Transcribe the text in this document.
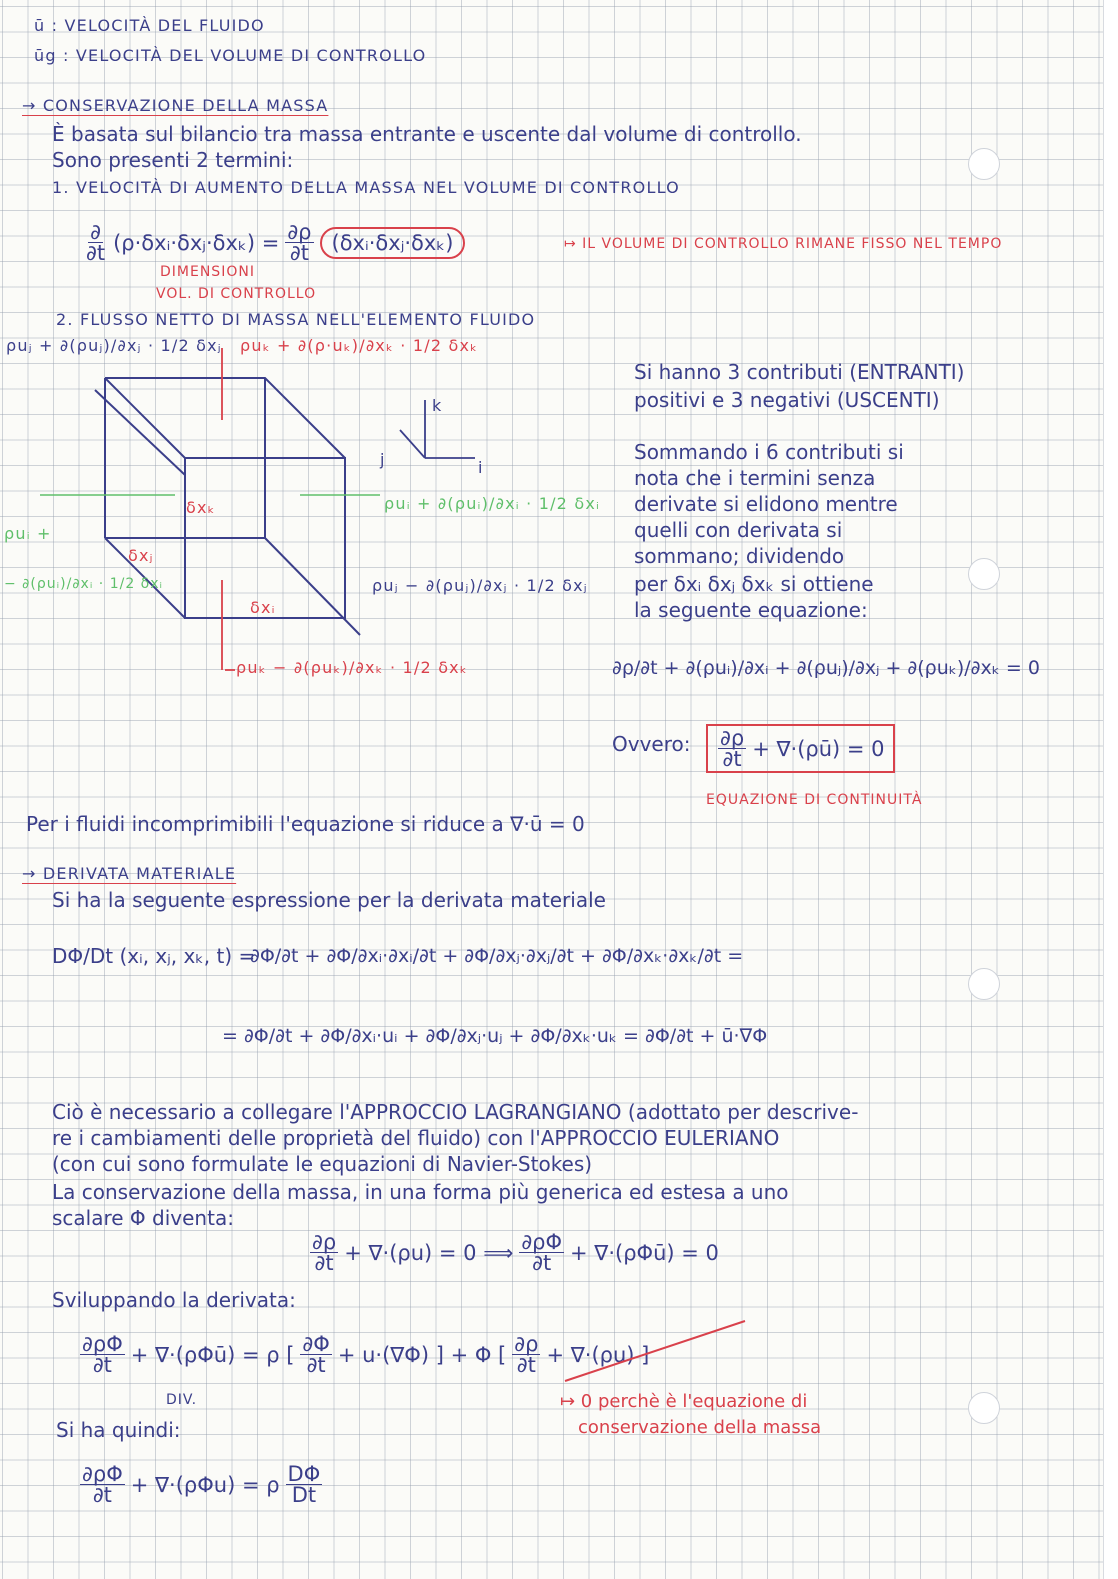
ū : VELOCITÀ DEL FLUIDO
ūg : VELOCITÀ DEL VOLUME DI CONTROLLO
→ CONSERVAZIONE DELLA MASSA
È basata sul bilancio tra massa entrante e uscente dal volume di controllo.
Sono presenti 2 termini:
1. VELOCITÀ DI AUMENTO DELLA MASSA NEL VOLUME DI CONTROLLO
$\frac{\partial}{\partial t}$ (ρ·δxᵢ·δxⱼ·δxₖ) = $\frac{\partial\rho}{\partial t}$ (δxᵢ·δxⱼ·δxₖ)	↦ IL VOLUME DI CONTROLLO RIMANE FISSO NEL TEMPO
DIMENSIONI
VOL. DI CONTROLLO
2. FLUSSO NETTO DI MASSA NELL'ELEMENTO FLUIDO
ρuⱼ + ∂(ρuⱼ)/∂xⱼ · 1/2 δxⱼ ρuₖ + ∂(ρ·uₖ)/∂xₖ · 1/2 δxₖ
ρuᵢ + ∂(ρuᵢ)/∂xᵢ · 1/2 δxᵢ
ρuᵢ +
− ∂(ρuᵢ)/∂xᵢ · 1/2 δxᵢ	ρuⱼ − ∂(ρuⱼ)/∂xⱼ · 1/2 δxⱼ
ρuₖ − ∂(ρuₖ)/∂xₖ · 1/2 δxₖ
δxₖ
δxⱼ
δxᵢ
k
j	i
Si hanno 3 contributi (ENTRANTI)
positivi e 3 negativi (USCENTI)
Sommando i 6 contributi si
nota che i termini senza
derivate si elidono mentre
quelli con derivata si
sommano; dividendo
per δxᵢ δxⱼ δxₖ si ottiene
la seguente equazione:
∂ρ/∂t + ∂(ρuᵢ)/∂xᵢ + ∂(ρuⱼ)/∂xⱼ + ∂(ρuₖ)/∂xₖ = 0
Ovvero: $\frac{\partial\rho}{\partial t}$ + ∇·(ρū) = 0
EQUAZIONE DI CONTINUITÀ
Per i fluidi incomprimibili l'equazione si riduce a ∇·ū = 0
→ DERIVATA MATERIALE
Si ha la seguente espressione per la derivata materiale
DΦ/Dt (xᵢ, xⱼ, xₖ, t) =
∂Φ/∂t + ∂Φ/∂xᵢ·∂xᵢ/∂t + ∂Φ/∂xⱼ·∂xⱼ/∂t + ∂Φ/∂xₖ·∂xₖ/∂t =
= ∂Φ/∂t + ∂Φ/∂xᵢ·uᵢ + ∂Φ/∂xⱼ·uⱼ + ∂Φ/∂xₖ·uₖ = ∂Φ/∂t + ū·∇Φ
Ciò è necessario a collegare l'APPROCCIO LAGRANGIANO (adottato per descrive-
re i cambiamenti delle proprietà del fluido) con l'APPROCCIO EULERIANO
(con cui sono formulate le equazioni di Navier-Stokes)
La conservazione della massa, in una forma più generica ed estesa a uno
scalare Φ diventa:
$\frac{\partial\rho}{\partial t} + \nabla\cdot(\rho u) = 0$ ⟹ $\frac{\partial\rho\Phi}{\partial t}$ + ∇·(ρΦū) = 0
Sviluppando la derivata:
$\frac{\partial\rho\Phi}{\partial t}$ + ∇·(ρΦū) = ρ [ $\frac{\partial\Phi}{\partial t} + u\cdot(\nabla\Phi)$ ] + Φ [ $\frac{\partial\rho}{\partial t} + \nabla\cdot(\rho u)$ ]
DIV.	↦ 0 perchè è l'equazione di
conservazione della massa
Si ha quindi:
$\frac{\partial\rho\Phi}{\partial t} + \nabla\cdot(\rho\Phi u) = \rho \frac{D\Phi}{Dt}$
